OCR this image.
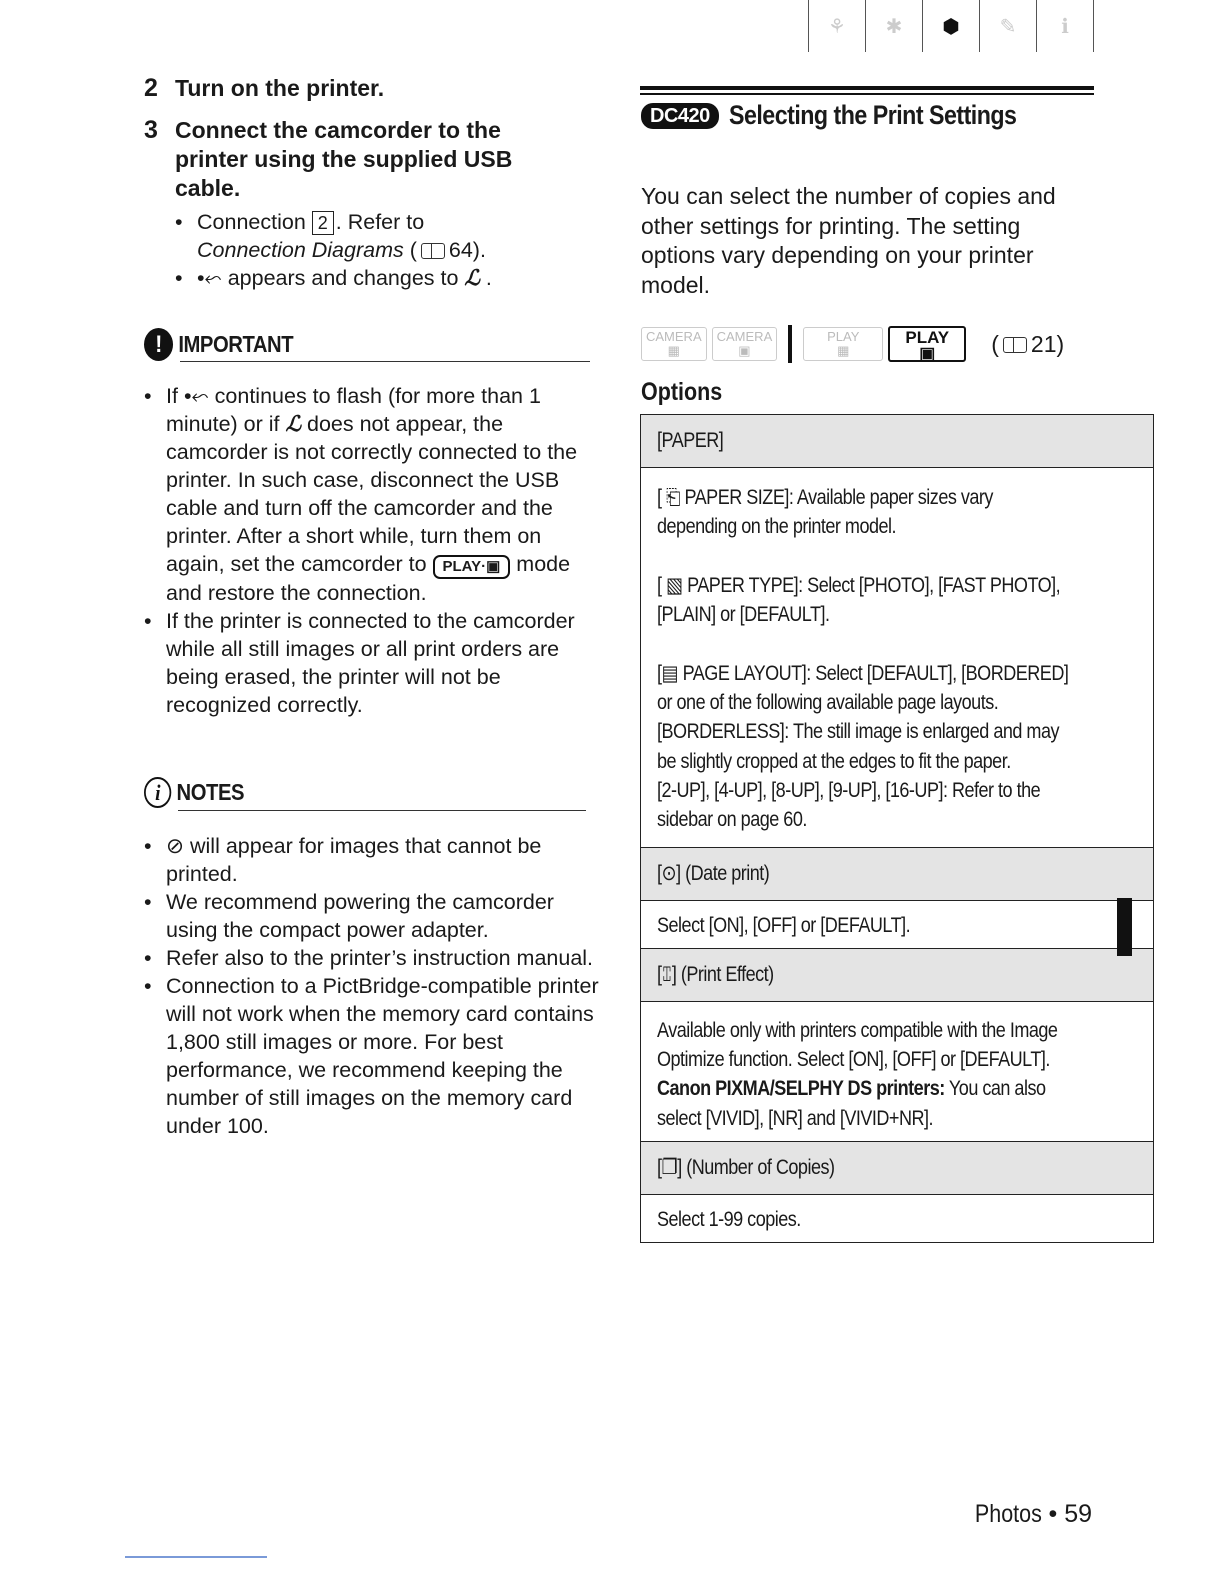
⚘	✱	⬢	✎	ℹ
2 Turn on the printer.
3 Connect the camcorder to the printer using the supplied USB cable.
• Connection 2 . Refer to
Connection Diagrams ( 64).
• •⬿ appears and changes to ℒ .
! IMPORTANT
• If •⬿ continues to flash (for more than 1 minute) or if ℒ does not appear, the camcorder is not correctly connected to the printer. In such case, disconnect the USB cable and turn off the camcorder and the printer. After a short while, turn them on again, set the camcorder to PLAY·▣ mode and restore the connection.
• If the printer is connected to the camcorder while all still images or all print orders are being erased, the printer will not be recognized correctly.
i NOTES
• ⊘ will appear for images that cannot be printed.
• We recommend powering the camcorder using the compact power adapter.
• Refer also to the printer’s instruction manual.
• Connection to a PictBridge-compatible printer will not work when the memory card contains 1,800 still images or more. For best performance, we recommend keeping the number of still images on the memory card under 100.
DC420 Selecting the Print Settings
You can select the number of copies and other settings for printing. The setting options vary depending on your printer model.
CAMERA
▦
CAMERA
▣
PLAY
▦
PLAY
▣	( 21)
Options
[PAPER]

[ ⎗ PAPER SIZE]: Available paper sizes vary depending on the printer model.
[ ▧ PAPER TYPE]: Select [PHOTO], [FAST PHOTO], [PLAIN] or [DEFAULT].
[▤ PAGE LAYOUT]: Select [DEFAULT], [BORDERED] or one of the following available page layouts.
[BORDERLESS]: The still image is enlarged and may be slightly cropped at the edges to fit the paper.
[2-UP], [4-UP], [8-UP], [9-UP], [16-UP]: Refer to the sidebar on page 60.

[⊙] (Date print)
Select [ON], [OFF] or [DEFAULT].
[⑄] (Print Effect)
Available only with printers compatible with the Image Optimize function. Select [ON], [OFF] or [DEFAULT].
Canon PIXMA/SELPHY DS printers: You can also select [VIVID], [NR] and [VIVID+NR].
[❐] (Number of Copies)
Select 1-99 copies.
Photos • 59
